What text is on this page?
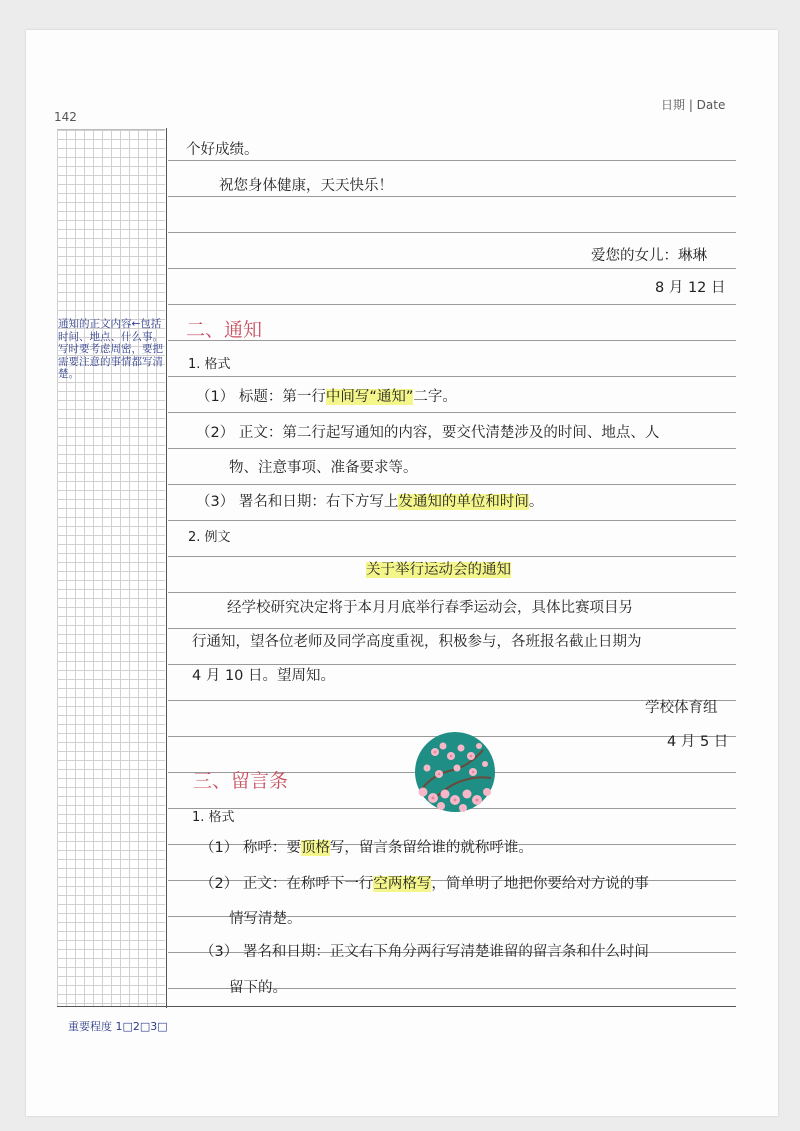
142
日期 | Date
通知的正文内容←包括时间、地点、什么事。写时要考虑周密，要把需要注意的事情都写清楚。
重要程度 1□2□3□
个好成绩。
祝您身体健康，天天快乐！
爱您的女儿：琳琳
8 月 12 日
二、通知
1. 格式
（1） 标题：第一行中间写“通知”二字。
（2） 正文：第二行起写通知的内容，要交代清楚涉及的时间、地点、人
物、注意事项、准备要求等。
（3） 署名和日期：右下方写上发通知的单位和时间。
2. 例文
关于举行运动会的通知
经学校研究决定将于本月月底举行春季运动会，具体比赛项目另
行通知，望各位老师及同学高度重视，积极参与，各班报名截止日期为
4 月 10 日。望周知。
学校体育组
4 月 5 日
三、留言条
1. 格式
（1） 称呼：要顶格写，留言条留给谁的就称呼谁。
（2） 正文：在称呼下一行空两格写，简单明了地把你要给对方说的事
情写清楚。
（3） 署名和日期：正文右下角分两行写清楚谁留的留言条和什么时间
留下的。
